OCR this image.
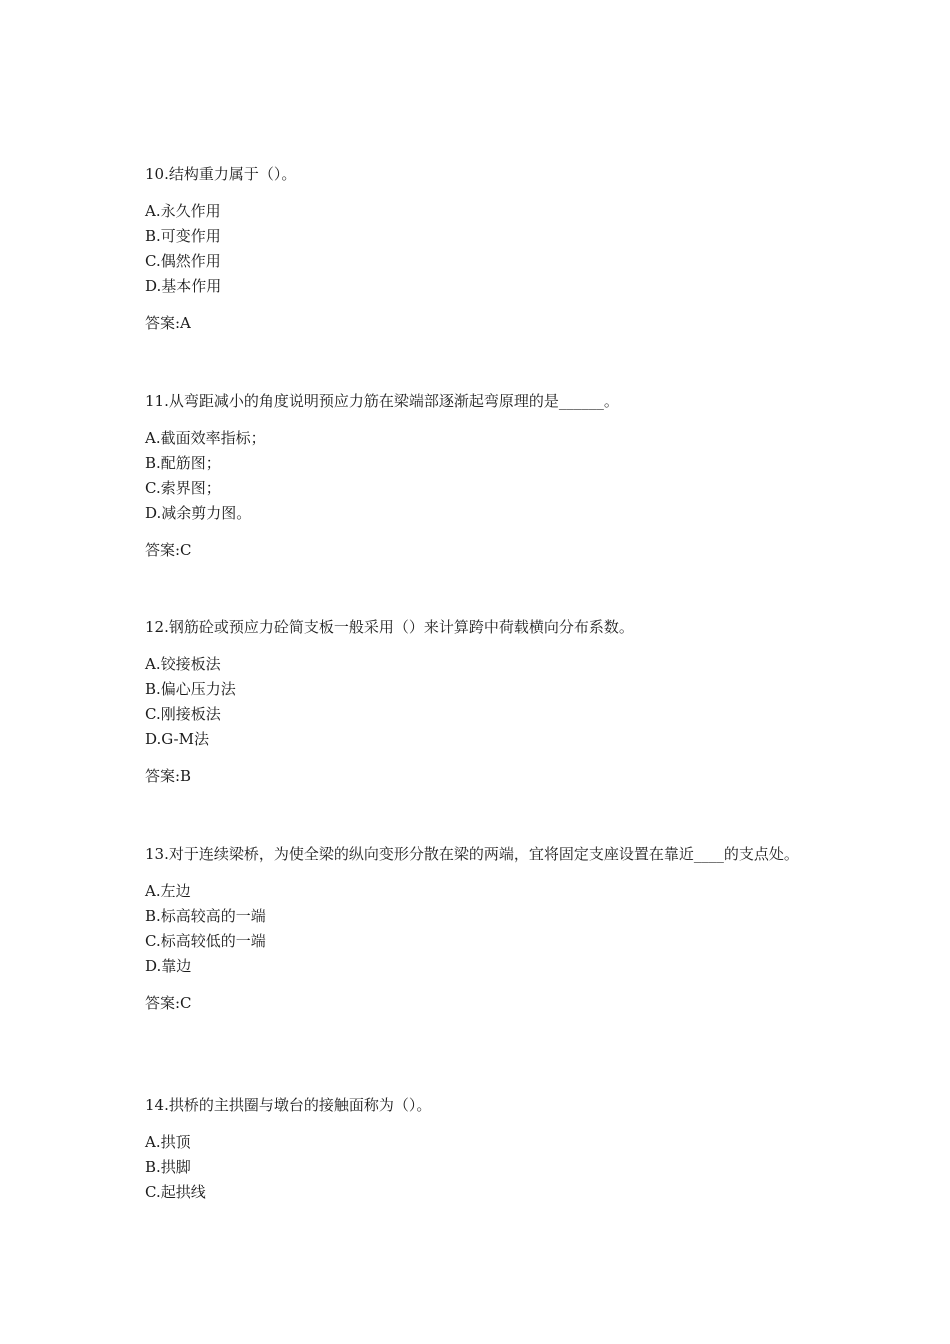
10.结构重力属于（）。

A.永久作用
B.可变作用
C.偶然作用
D.基本作用
答案:A

11.从弯距减小的角度说明预应力筋在梁端部逐渐起弯原理的是______。

A.截面效率指标；
B.配筋图；
C.索界图；
D.减余剪力图。
答案:C

12.钢筋砼或预应力砼简支板一般采用（）来计算跨中荷载横向分布系数。

A.铰接板法
B.偏心压力法
C.刚接板法
D.G-M法
答案:B

13.对于连续梁桥，为使全梁的纵向变形分散在梁的两端，宜将固定支座设置在靠近____的支点处。

A.左边
B.标高较高的一端
C.标高较低的一端
D.靠边
答案:C

14.拱桥的主拱圈与墩台的接触面称为（）。

A.拱顶
B.拱脚
C.起拱线
